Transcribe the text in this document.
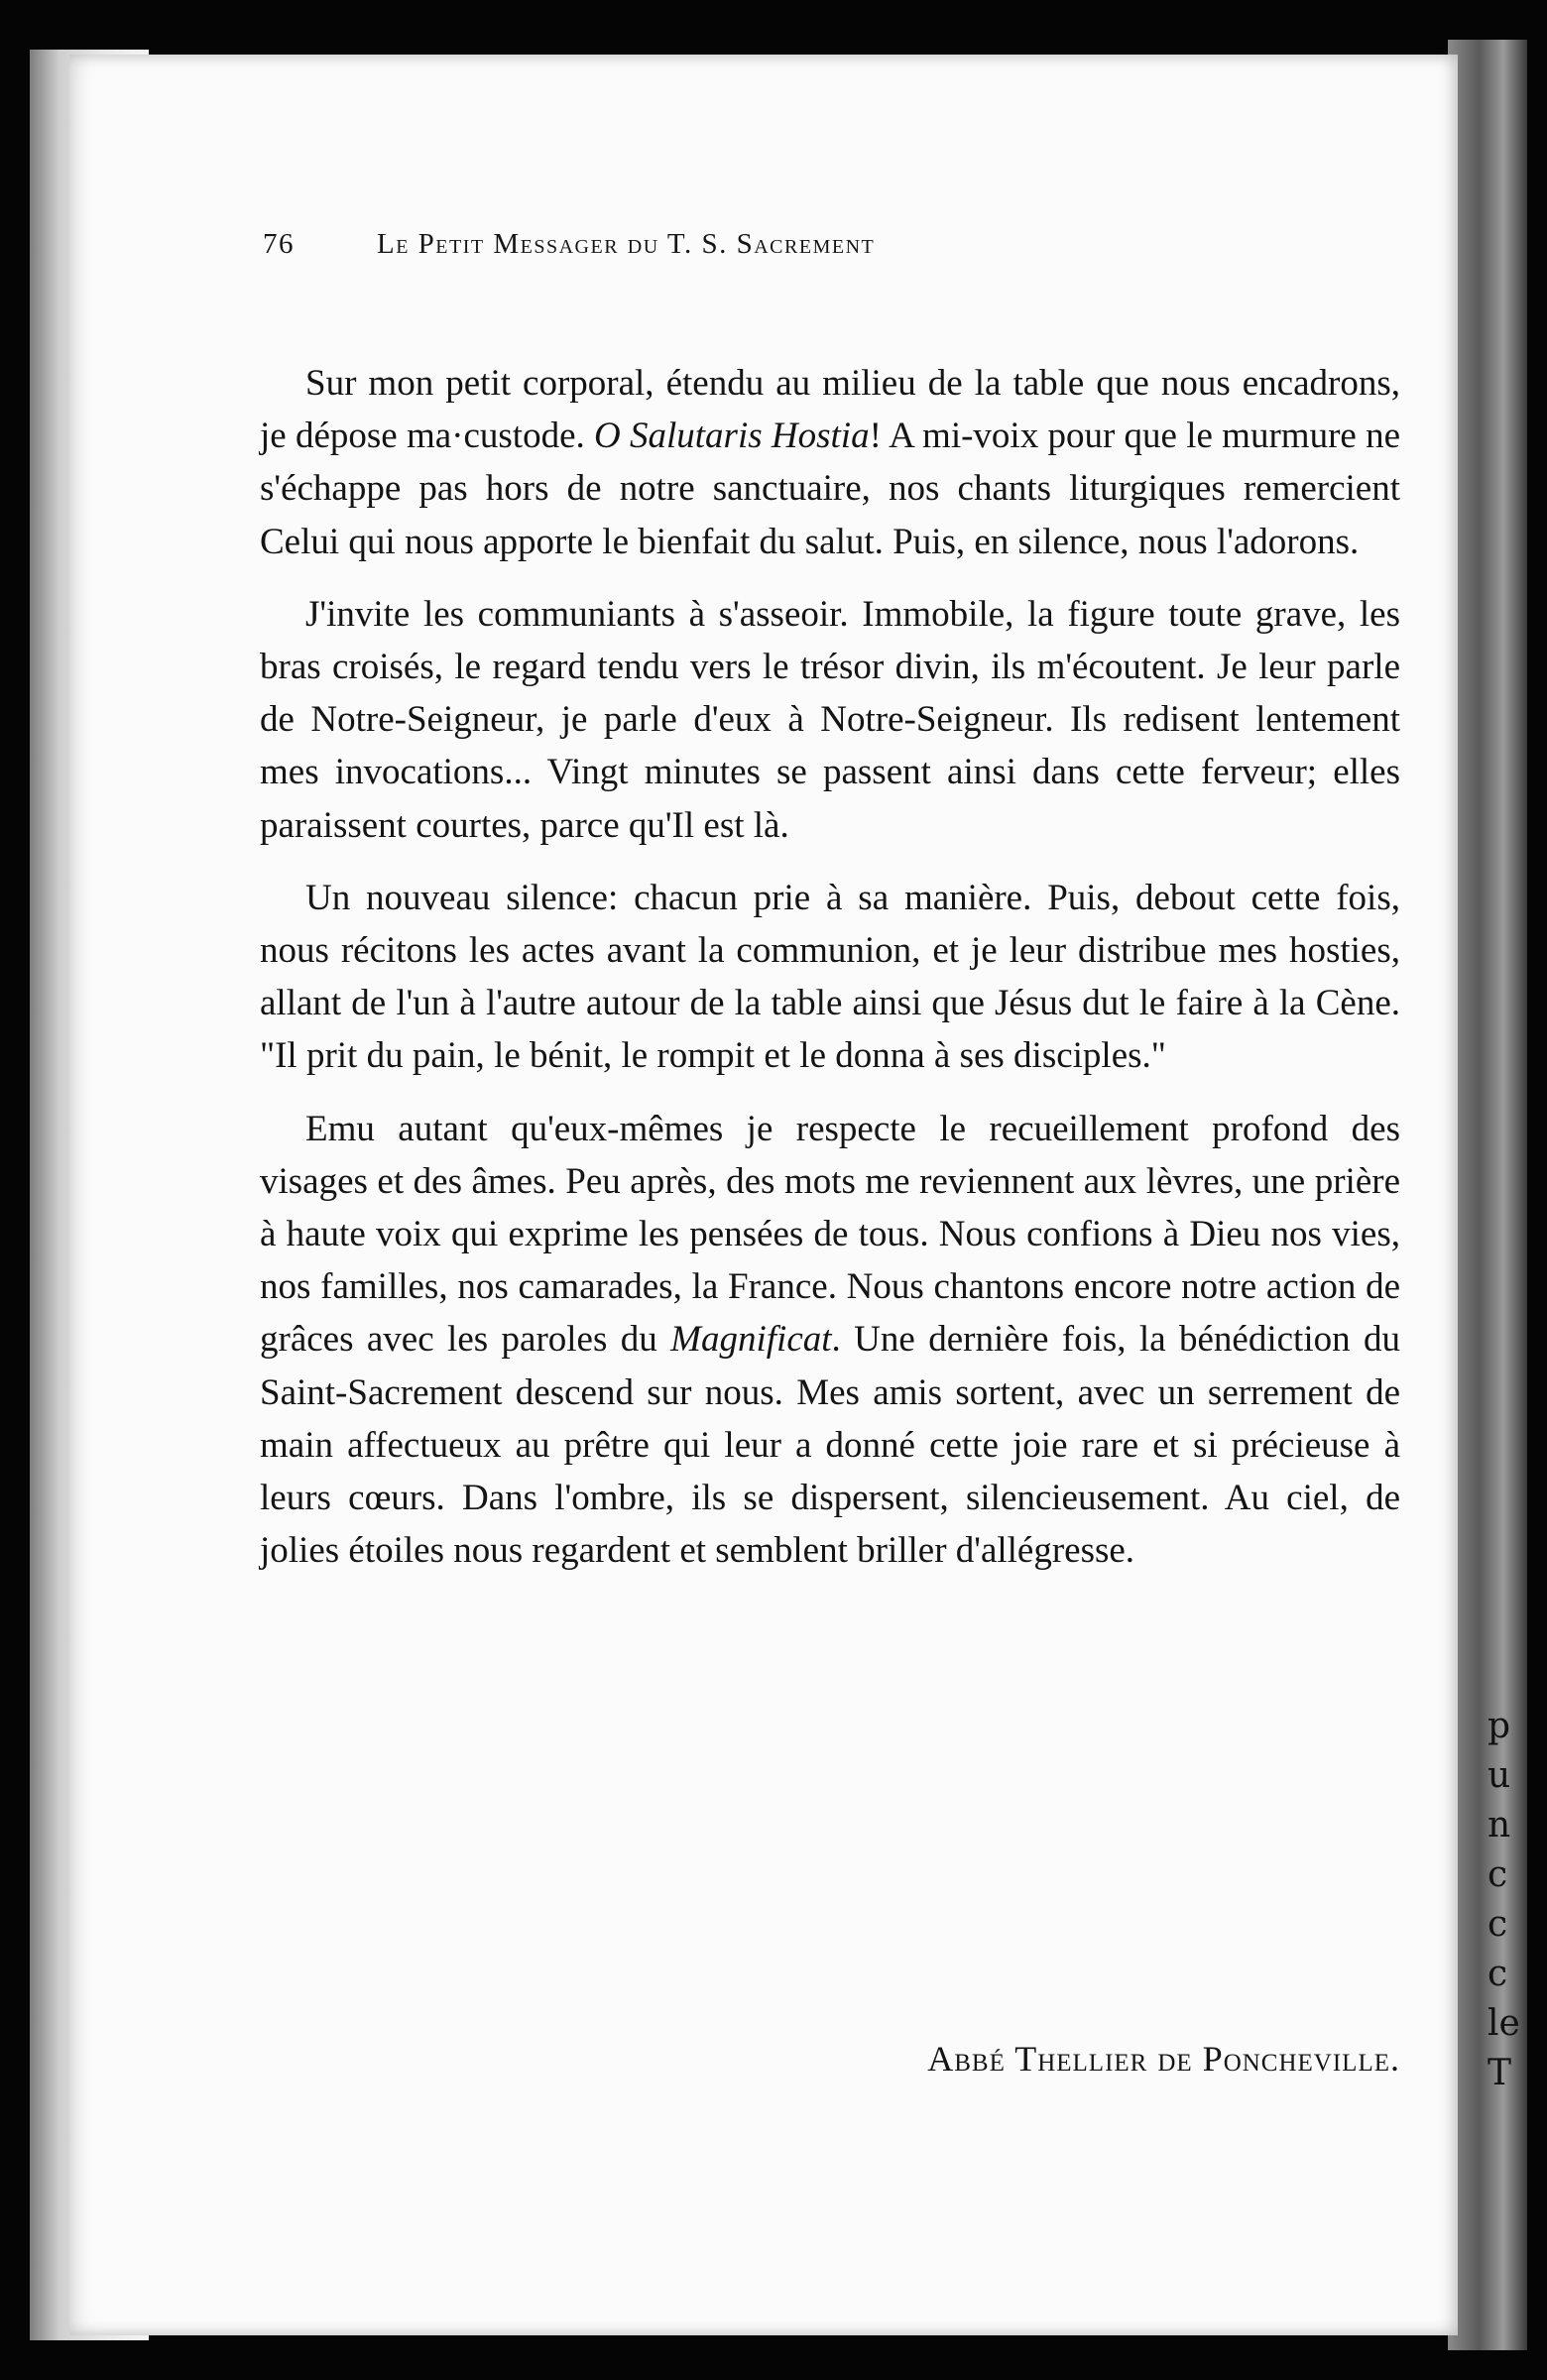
p
u
n
c
c
c
le
T
76	Le Petit Messager du T. S. Sacrement

Sur mon petit corporal, étendu au milieu de la table que nous encadrons, je dépose ma·custode. O Salutaris Hostia! A mi-voix pour que le murmure ne s'échappe pas hors de notre sanctuaire, nos chants liturgiques remercient Celui qui nous apporte le bienfait du salut. Puis, en silence, nous l'adorons.

J'invite les communiants à s'asseoir. Immobile, la figure toute grave, les bras croisés, le regard tendu vers le trésor divin, ils m'écoutent. Je leur parle de Notre-Seigneur, je parle d'eux à Notre-Seigneur. Ils redisent lentement mes invocations... Vingt minutes se passent ainsi dans cette ferveur; elles paraissent courtes, parce qu'Il est là.

Un nouveau silence: chacun prie à sa manière. Puis, debout cette fois, nous récitons les actes avant la communion, et je leur distribue mes hosties, allant de l'un à l'autre autour de la table ainsi que Jésus dut le faire à la Cène. "Il prit du pain, le bénit, le rompit et le donna à ses disciples."

Emu autant qu'eux-mêmes je respecte le recueillement profond des visages et des âmes. Peu après, des mots me reviennent aux lèvres, une prière à haute voix qui exprime les pensées de tous. Nous confions à Dieu nos vies, nos familles, nos camarades, la France. Nous chantons encore notre action de grâces avec les paroles du Magnificat. Une dernière fois, la bénédiction du Saint-Sacrement descend sur nous. Mes amis sortent, avec un serrement de main affectueux au prêtre qui leur a donné cette joie rare et si précieuse à leurs cœurs. Dans l'ombre, ils se dispersent, silencieusement. Au ciel, de jolies étoiles nous regardent et semblent briller d'allégresse.

Abbé Thellier de Poncheville.
